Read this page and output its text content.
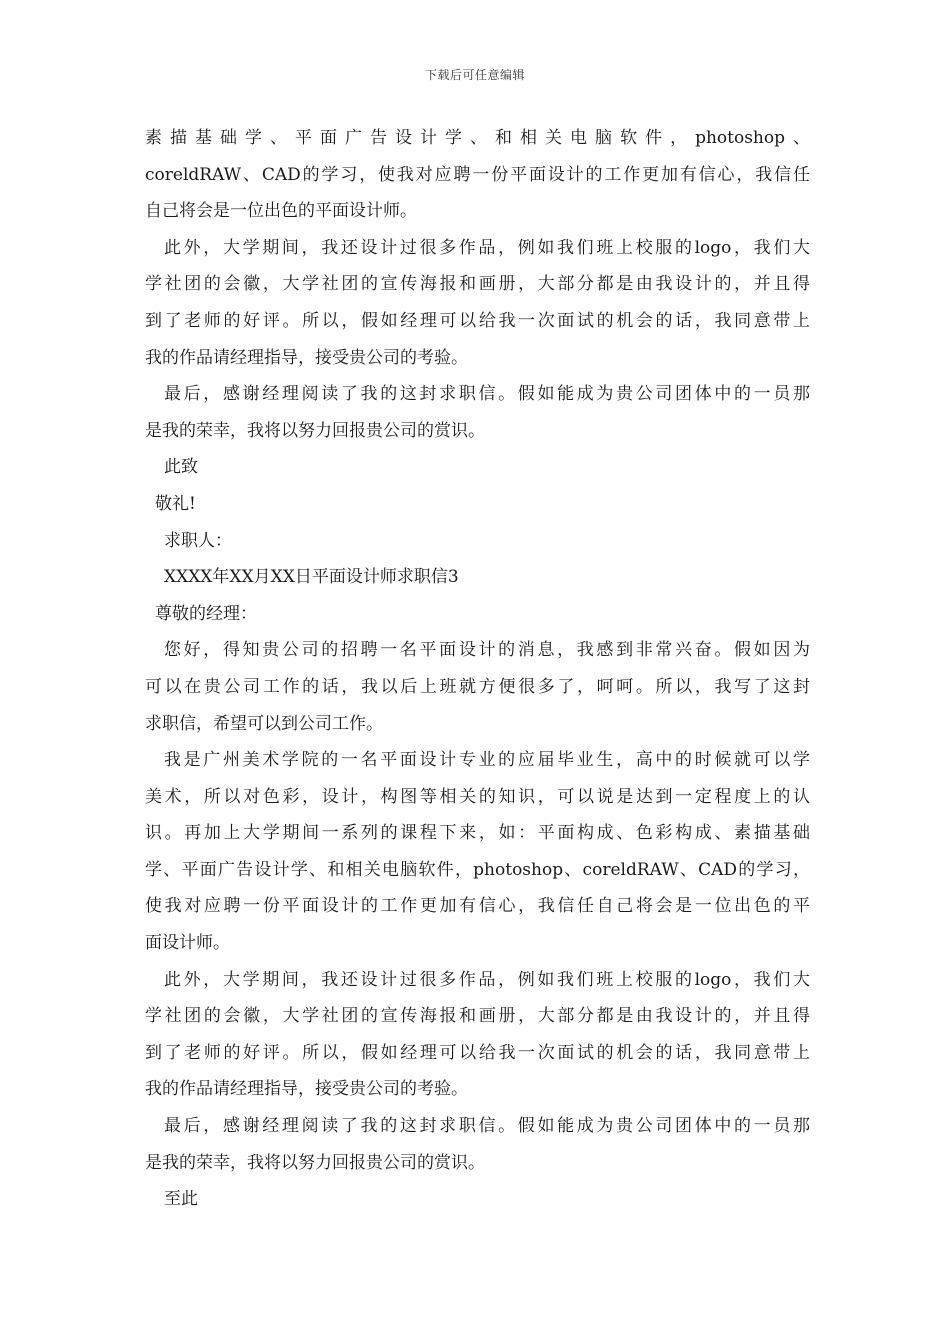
下载后可任意编辑
素描基础学、平面广告设计学、和相关电脑软件，photoshop、
coreldRAW、CAD的学习，使我对应聘一份平面设计的工作更加有信心，我信任
自己将会是一位出色的平面设计师。
此外，大学期间，我还设计过很多作品，例如我们班上校服的logo，我们大
学社团的会徽，大学社团的宣传海报和画册，大部分都是由我设计的，并且得
到了老师的好评。所以，假如经理可以给我一次面试的机会的话，我同意带上
我的作品请经理指导，接受贵公司的考验。
最后，感谢经理阅读了我的这封求职信。假如能成为贵公司团体中的一员那
是我的荣幸，我将以努力回报贵公司的赏识。
此致
敬礼!
求职人：
XXXX年XX月XX日平面设计师求职信3
尊敬的经理：
您好，得知贵公司的招聘一名平面设计的消息，我感到非常兴奋。假如因为
可以在贵公司工作的话，我以后上班就方便很多了，呵呵。所以，我写了这封
求职信，希望可以到公司工作。
我是广州美术学院的一名平面设计专业的应届毕业生，高中的时候就可以学
美术，所以对色彩，设计，构图等相关的知识，可以说是达到一定程度上的认
识。再加上大学期间一系列的课程下来，如：平面构成、色彩构成、素描基础
学、平面广告设计学、和相关电脑软件，photoshop、coreldRAW、CAD的学习，
使我对应聘一份平面设计的工作更加有信心，我信任自己将会是一位出色的平
面设计师。
此外，大学期间，我还设计过很多作品，例如我们班上校服的logo，我们大
学社团的会徽，大学社团的宣传海报和画册，大部分都是由我设计的，并且得
到了老师的好评。所以，假如经理可以给我一次面试的机会的话，我同意带上
我的作品请经理指导，接受贵公司的考验。
最后，感谢经理阅读了我的这封求职信。假如能成为贵公司团体中的一员那
是我的荣幸，我将以努力回报贵公司的赏识。
至此
